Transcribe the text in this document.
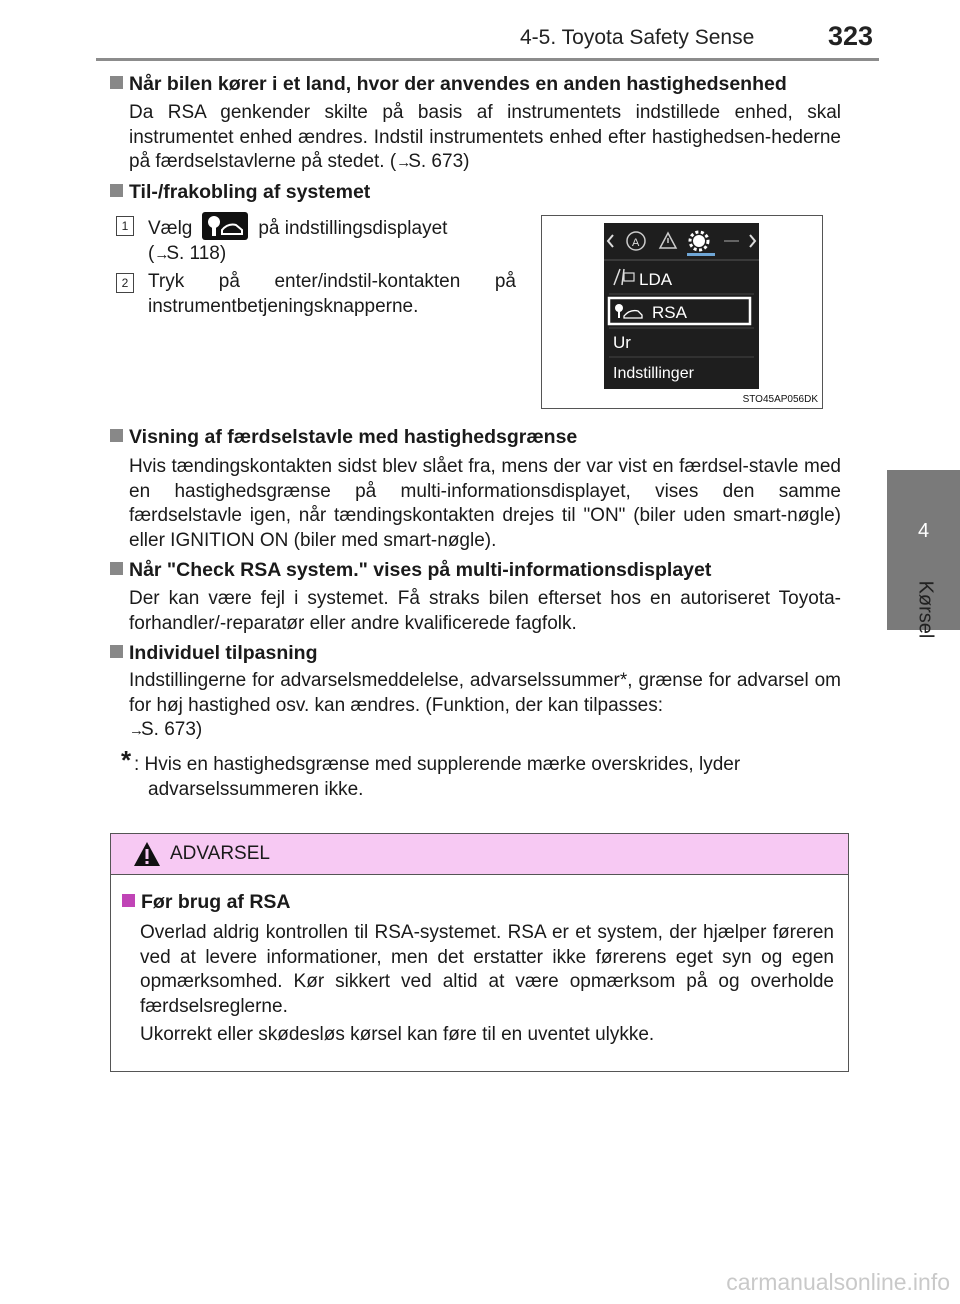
4-5. Toyota Safety Sense	323
4
Kørsel
Når bilen kører i et land, hvor der anvendes en anden hastighedsenhed
Da RSA genkender skilte på basis af instrumentets indstillede enhed, skal instrumentet enhed ændres. Indstil instrumentets enhed efter hastighedsen-hederne på færdselstavlerne på stedet. (→S. 673)
Til-/frakobling af systemet
1 Vælg	på indstillingsdisplayet
(→S. 118)
2 Tryk på enter/indstil-kontakten på instrumentbetjeningsknapperne.
A
LDA
RSA
Ur
Indstillinger
STO45AP056DK
Visning af færdselstavle med hastighedsgrænse
Hvis tændingskontakten sidst blev slået fra, mens der var vist en færdsel-stavle med en hastighedsgrænse på multi-informationsdisplayet, vises den samme færdselstavle igen, når tændingskontakten drejes til "ON" (biler uden smart-nøgle) eller IGNITION ON (biler med smart-nøgle).
Når "Check RSA system." vises på multi-informationsdisplayet
Der kan være fejl i systemet. Få straks bilen efterset hos en autoriseret Toyota-forhandler/-reparatør eller andre kvalificerede fagfolk.
Individuel tilpasning
Indstillingerne for advarselsmeddelelse, advarselssummer*, grænse for advarsel om for høj hastighed osv. kan ændres. (Funktion, der kan tilpasses:
→S. 673)
* : Hvis en hastighedsgrænse med supplerende mærke overskrides, lyder
advarselssummeren ikke.
ADVARSEL
Før brug af RSA
Overlad aldrig kontrollen til RSA-systemet. RSA er et system, der hjælper føreren ved at levere informationer, men det erstatter ikke førerens eget syn og egen opmærksomhed. Kør sikkert ved altid at være opmærksom på og overholde færdselsreglerne.
Ukorrekt eller skødesløs kørsel kan føre til en uventet ulykke.
carmanualsonline.info
